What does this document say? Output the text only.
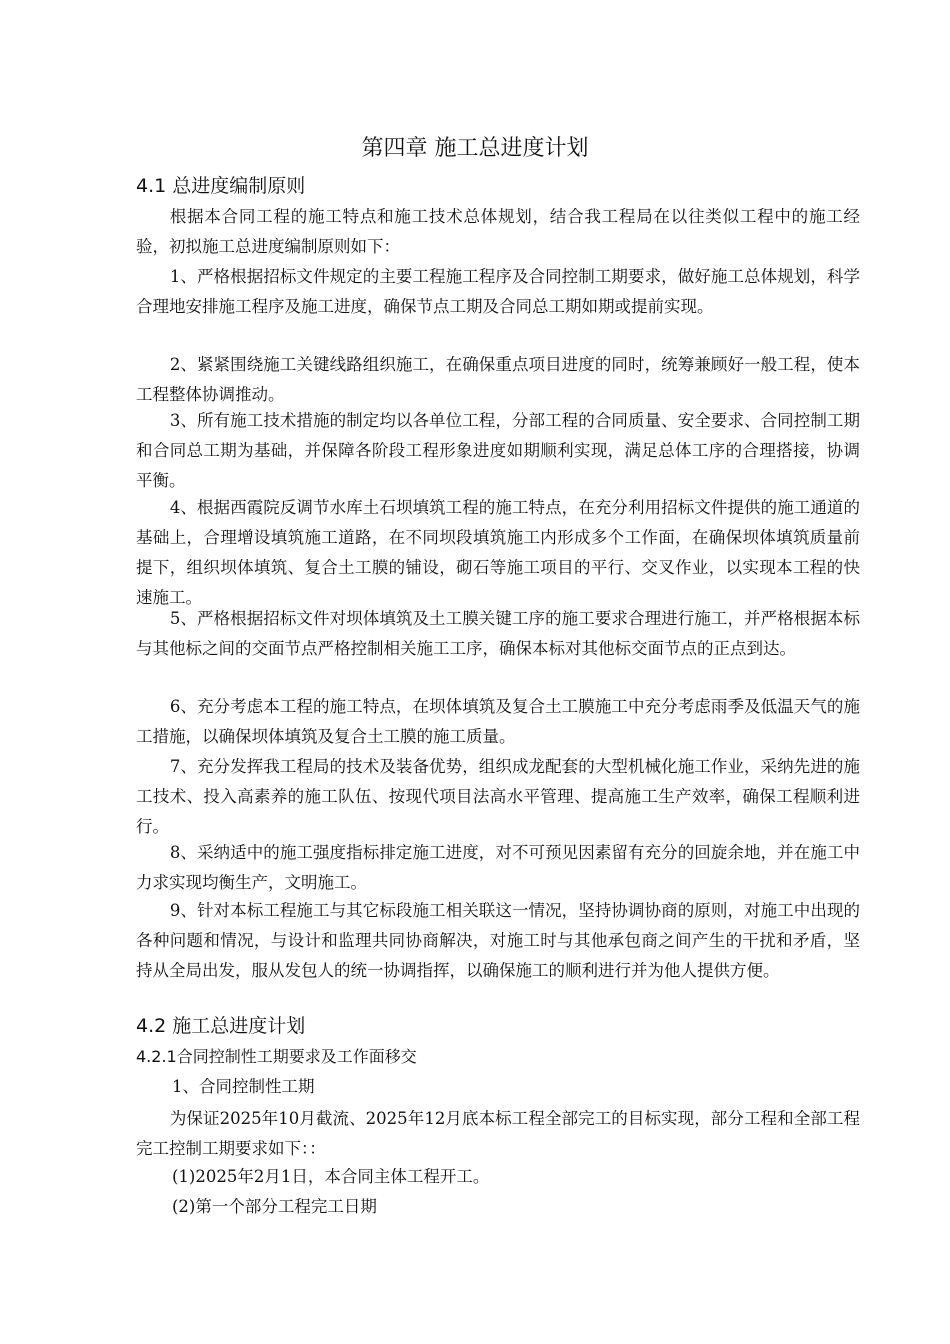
第四章 施工总进度计划
4.1 总进度编制原则

根据本合同工程的施工特点和施工技术总体规划，结合我工程局在以往类似工程中的施工经验，初拟施工总进度编制原则如下：

1、严格根据招标文件规定的主要工程施工程序及合同控制工期要求，做好施工总体规划，科学合理地安排施工程序及施工进度，确保节点工期及合同总工期如期或提前实现。

2、紧紧围绕施工关键线路组织施工，在确保重点项目进度的同时，统筹兼顾好一般工程，使本工程整体协调推动。

3、所有施工技术措施的制定均以各单位工程，分部工程的合同质量、安全要求、合同控制工期和合同总工期为基础，并保障各阶段工程形象进度如期顺利实现，满足总体工序的合理搭接，协调平衡。

4、根据西霞院反调节水库土石坝填筑工程的施工特点，在充分利用招标文件提供的施工通道的基础上，合理增设填筑施工道路，在不同坝段填筑施工内形成多个工作面，在确保坝体填筑质量前提下，组织坝体填筑、复合土工膜的铺设，砌石等施工项目的平行、交叉作业，以实现本工程的快速施工。

5、严格根据招标文件对坝体填筑及土工膜关键工序的施工要求合理进行施工，并严格根据本标与其他标之间的交面节点严格控制相关施工工序，确保本标对其他标交面节点的正点到达。

6、充分考虑本工程的施工特点，在坝体填筑及复合土工膜施工中充分考虑雨季及低温天气的施工措施，以确保坝体填筑及复合土工膜的施工质量。

7、充分发挥我工程局的技术及装备优势，组织成龙配套的大型机械化施工作业，采纳先进的施工技术、投入高素养的施工队伍、按现代项目法高水平管理、提高施工生产效率，确保工程顺利进行。

8、采纳适中的施工强度指标排定施工进度，对不可预见因素留有充分的回旋余地，并在施工中力求实现均衡生产，文明施工。

9、针对本标工程施工与其它标段施工相关联这一情况，坚持协调协商的原则，对施工中出现的各种问题和情况，与设计和监理共同协商解决，对施工时与其他承包商之间产生的干扰和矛盾，坚持从全局出发，服从发包人的统一协调指挥，以确保施工的顺利进行并为他人提供方便。

4.2 施工总进度计划
4.2.1合同控制性工期要求及工作面移交

1、合同控制性工期

为保证2025年10月截流、2025年12月底本标工程全部完工的目标实现，部分工程和全部工程完工控制工期要求如下：：

(1)2025年2月1日，本合同主体工程开工。

(2)第一个部分工程完工日期
